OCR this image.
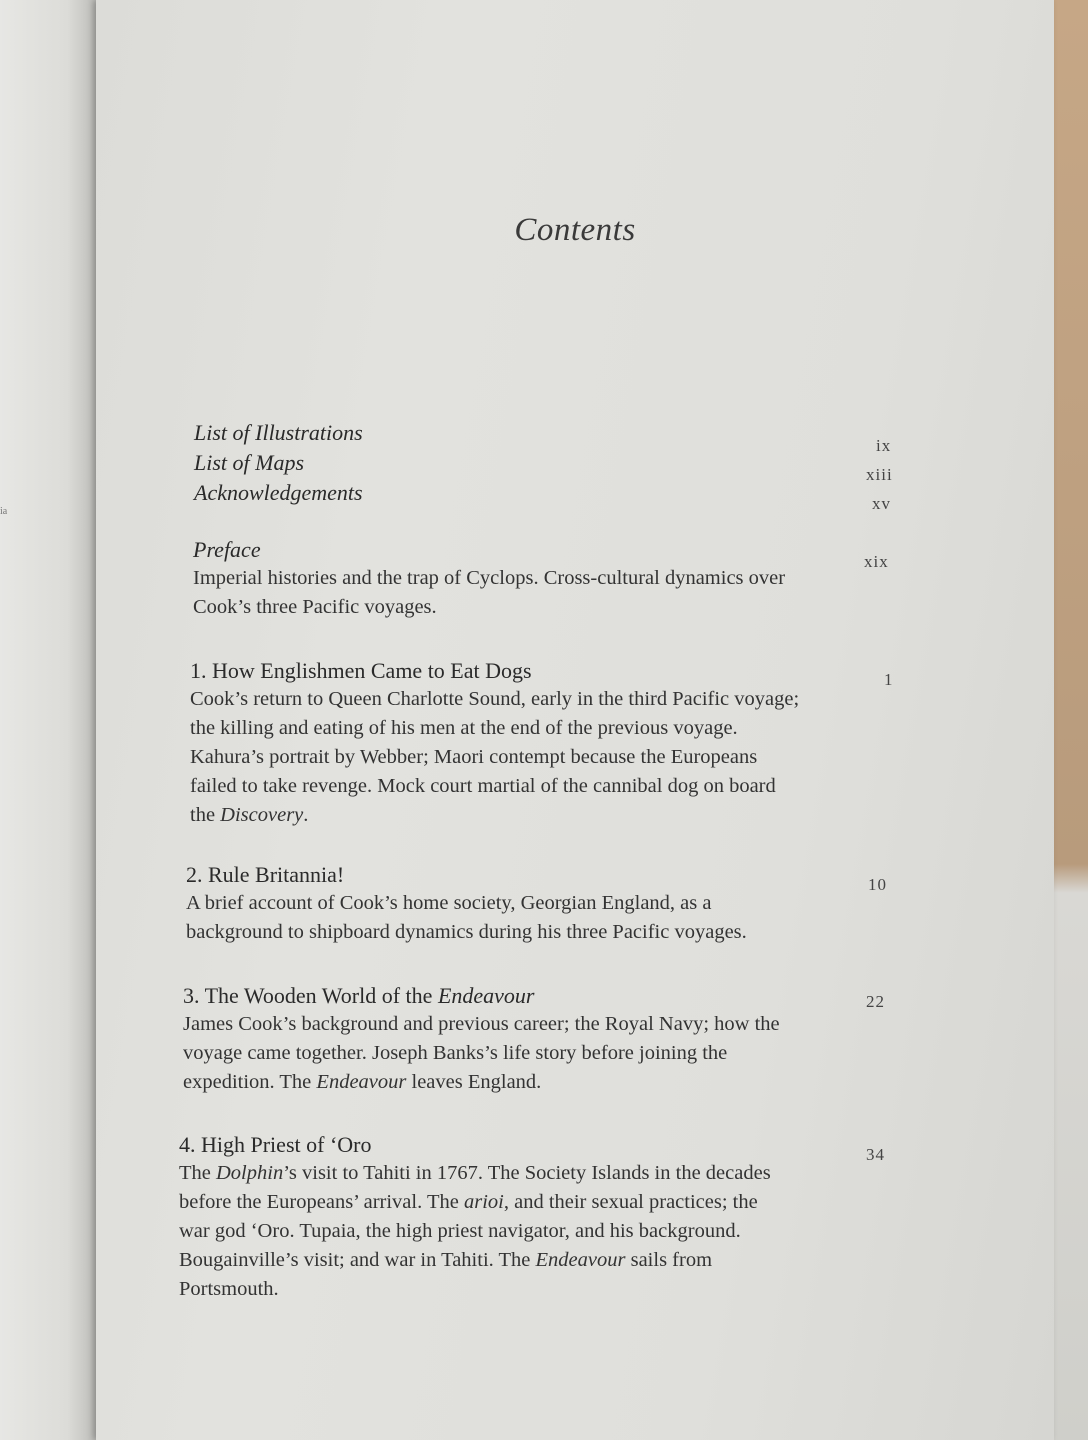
ia
Contents
List of Illustrations
ix
List of Maps	xiii
Acknowledgements	xv
Preface
Imperial histories and the trap of Cyclops. Cross-cultural dynamics over
Cook’s three Pacific voyages.
xix
1. How Englishmen Came to Eat Dogs
Cook’s return to Queen Charlotte Sound, early in the third Pacific voyage;
the killing and eating of his men at the end of the previous voyage.
Kahura’s portrait by Webber; Maori contempt because the Europeans
failed to take revenge. Mock court martial of the cannibal dog on board
the Discovery.
1
2. Rule Britannia!
A brief account of Cook’s home society, Georgian England, as a
background to shipboard dynamics during his three Pacific voyages.
10
3. The Wooden World of the Endeavour
James Cook’s background and previous career; the Royal Navy; how the
voyage came together. Joseph Banks’s life story before joining the
expedition. The Endeavour leaves England.
22
4. High Priest of ‘Oro
The Dolphin’s visit to Tahiti in 1767. The Society Islands in the decades
before the Europeans’ arrival. The arioi, and their sexual practices; the
war god ‘Oro. Tupaia, the high priest navigator, and his background.
Bougainville’s visit; and war in Tahiti. The Endeavour sails from
Portsmouth.
34
